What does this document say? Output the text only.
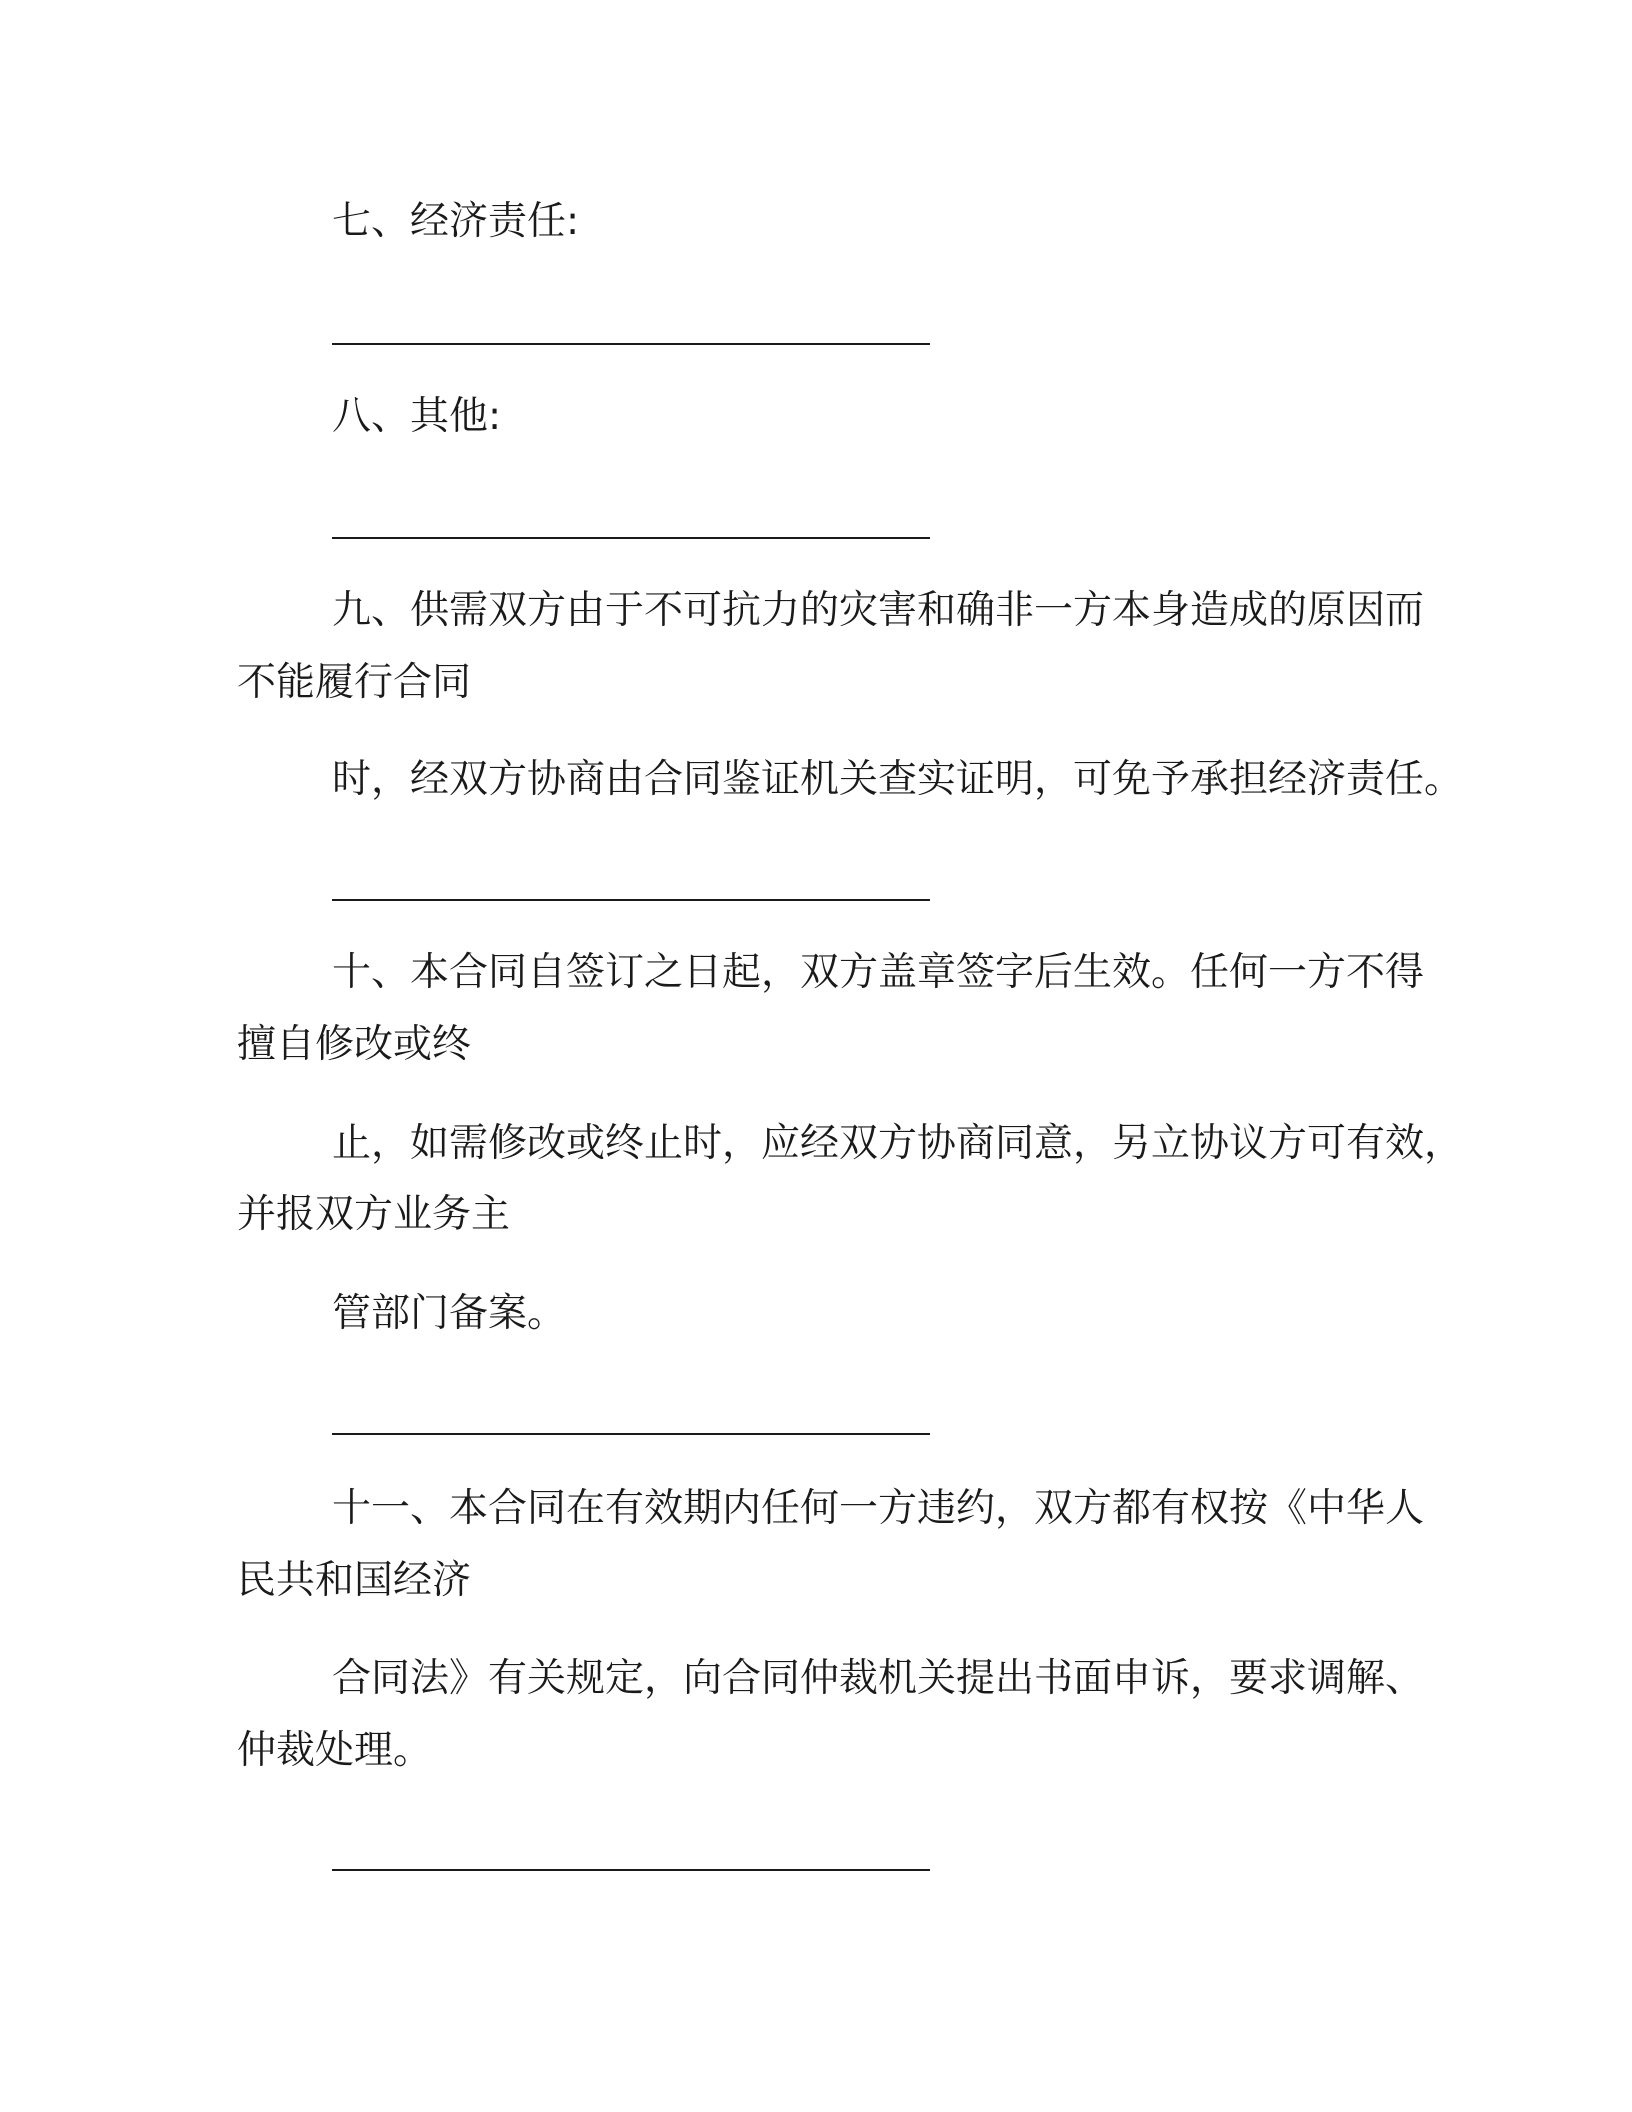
七、经济责任:
八、其他:
九、供需双方由于不可抗力的灾害和确非一方本身造成的原因而
不能履行合同
时，经双方协商由合同鉴证机关查实证明，可免予承担经济责任。
十、本合同自签订之日起，双方盖章签字后生效。任何一方不得
擅自修改或终
止，如需修改或终止时，应经双方协商同意，另立协议方可有效，
并报双方业务主
管部门备案。
十一、本合同在有效期内任何一方违约，双方都有权按《中华人
民共和国经济
合同法》有关规定，向合同仲裁机关提出书面申诉，要求调解、
仲裁处理。
